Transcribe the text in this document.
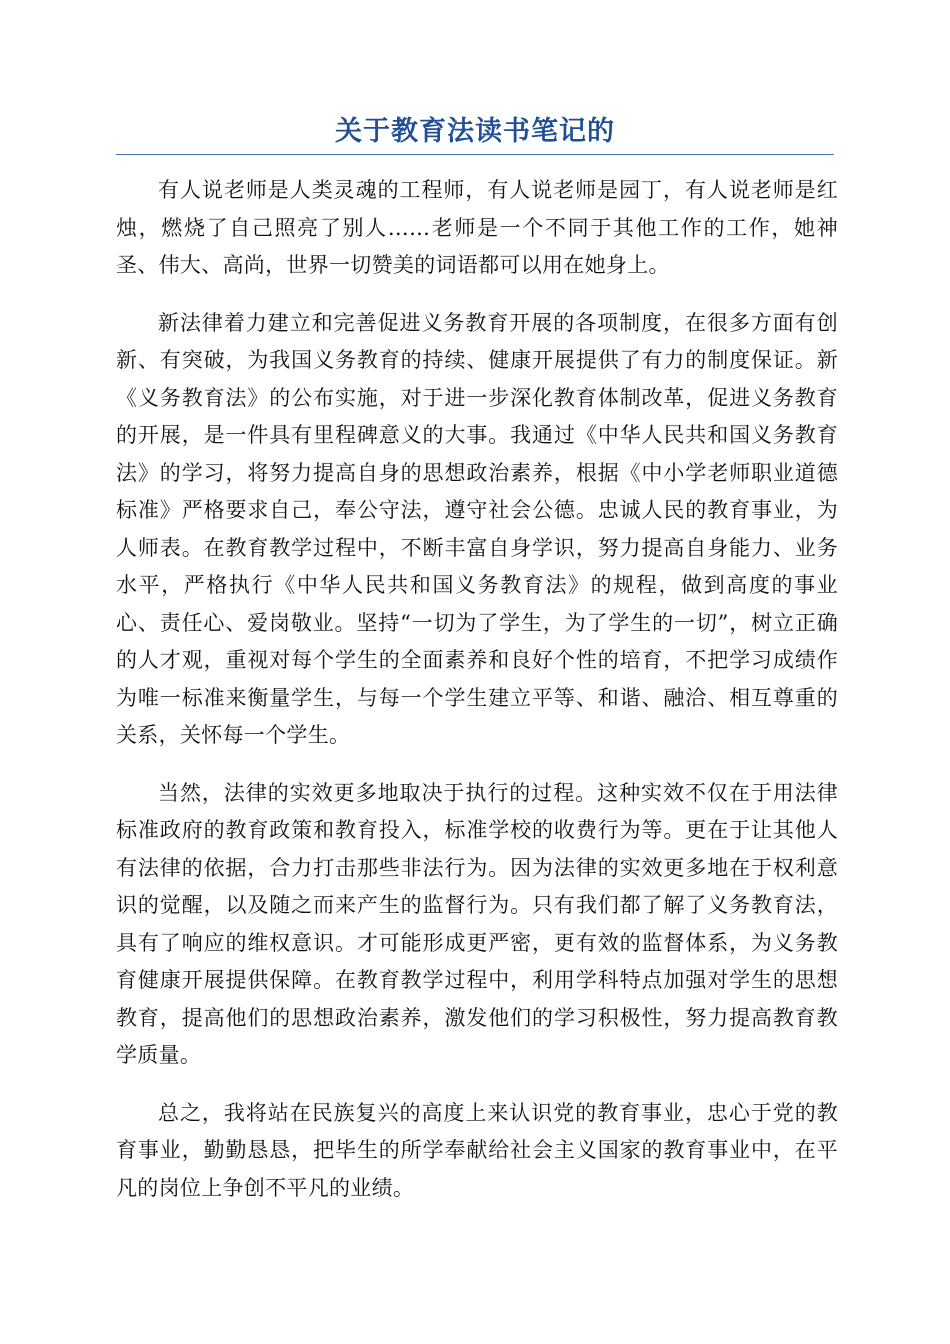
关于教育法读书笔记的

有人说老师是人类灵魂的工程师，有人说老师是园丁，有人说老师是红烛，燃烧了自己照亮了别人……老师是一个不同于其他工作的工作，她神圣、伟大、高尚，世界一切赞美的词语都可以用在她身上。

新法律着力建立和完善促进义务教育开展的各项制度，在很多方面有创新、有突破，为我国义务教育的持续、健康开展提供了有力的制度保证。新《义务教育法》的公布实施，对于进一步深化教育体制改革，促进义务教育的开展，是一件具有里程碑意义的大事。我通过《中华人民共和国义务教育法》的学习，将努力提高自身的思想政治素养，根据《中小学老师职业道德标准》严格要求自己，奉公守法，遵守社会公德。忠诚人民的教育事业，为人师表。在教育教学过程中，不断丰富自身学识，努力提高自身能力、业务水平，严格执行《中华人民共和国义务教育法》的规程，做到高度的事业心、责任心、爱岗敬业。坚持“一切为了学生，为了学生的一切”，树立正确的人才观，重视对每个学生的全面素养和良好个性的培育，不把学习成绩作为唯一标准来衡量学生，与每一个学生建立平等、和谐、融洽、相互尊重的关系，关怀每一个学生。

当然，法律的实效更多地取决于执行的过程。这种实效不仅在于用法律标准政府的教育政策和教育投入，标准学校的收费行为等。更在于让其他人有法律的依据，合力打击那些非法行为。因为法律的实效更多地在于权利意识的觉醒，以及随之而来产生的监督行为。只有我们都了解了义务教育法，具有了响应的维权意识。才可能形成更严密，更有效的监督体系，为义务教育健康开展提供保障。在教育教学过程中，利用学科特点加强对学生的思想教育，提高他们的思想政治素养，激发他们的学习积极性，努力提高教育教学质量。

总之，我将站在民族复兴的高度上来认识党的教育事业，忠心于党的教育事业，勤勤恳恳，把毕生的所学奉献给社会主义国家的教育事业中，在平凡的岗位上争创不平凡的业绩。
